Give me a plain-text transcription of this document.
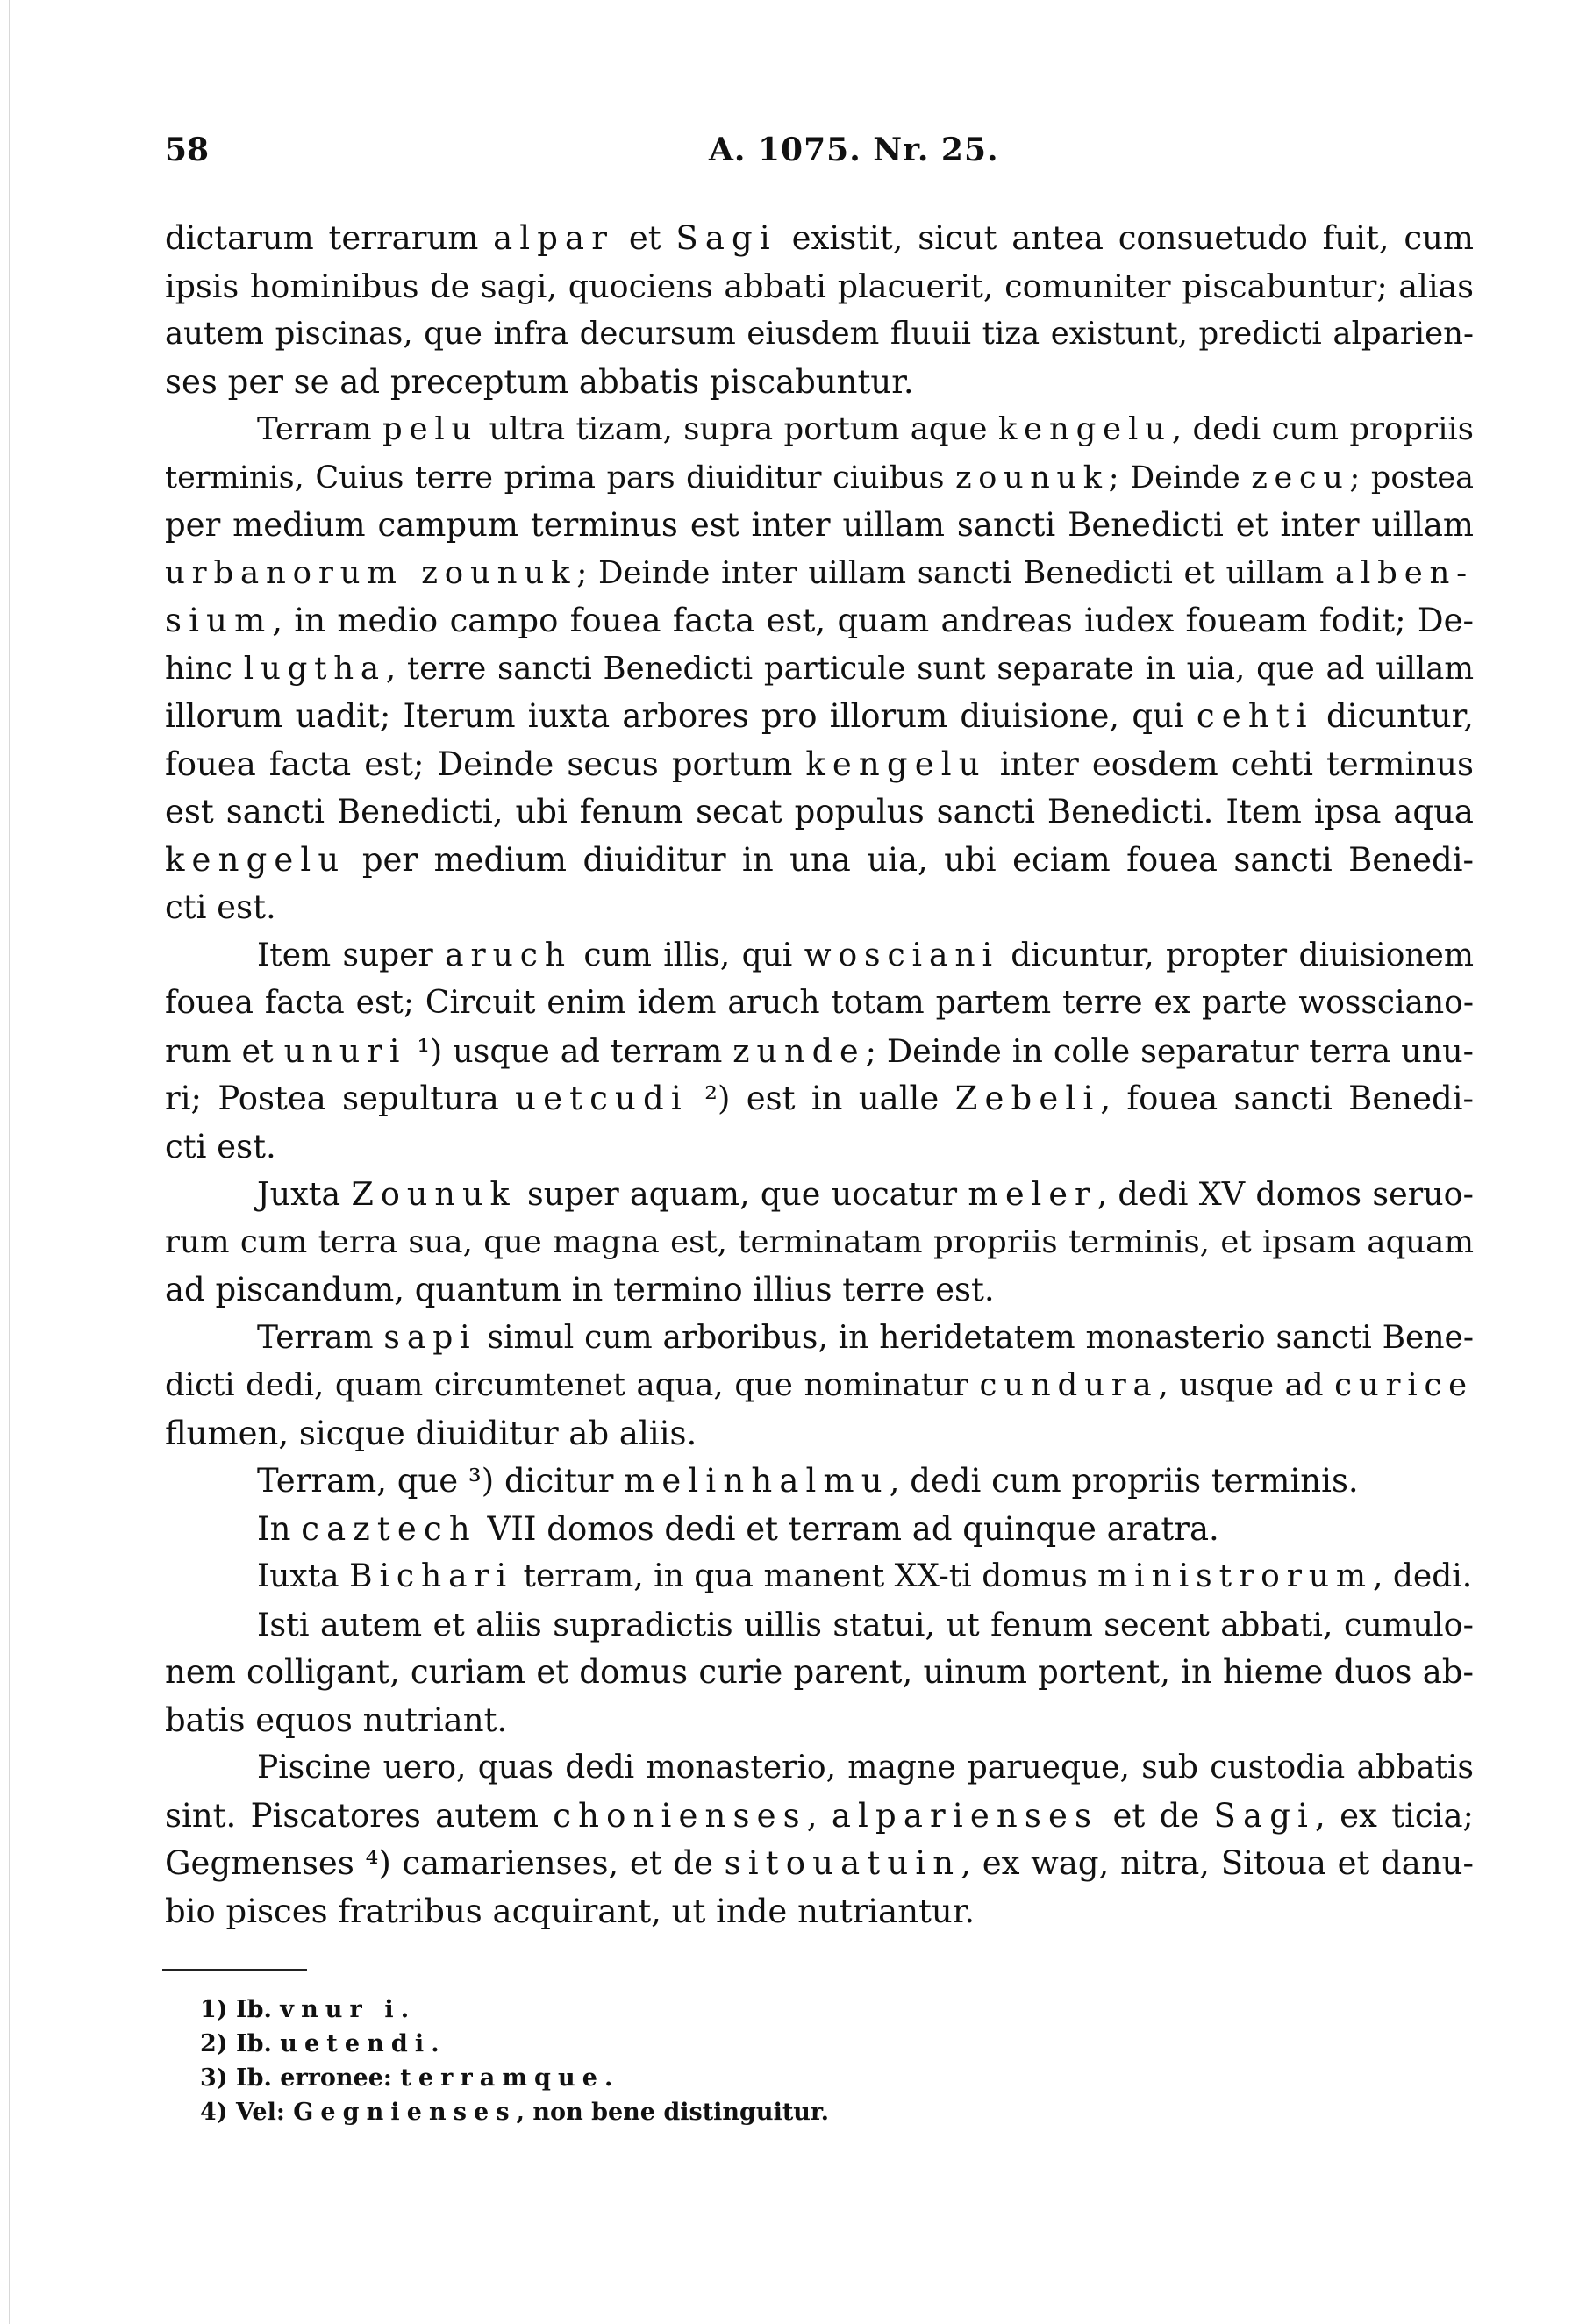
58	A. 1075. Nr. 25.
dictarum terrarum alpar et Sagi existit, sicut antea consuetudo fuit, cum
ipsis hominibus de sagi, quociens abbati placuerit, comuniter piscabuntur; alias
autem piscinas, que infra decursum eiusdem fluuii tiza existunt, predicti alparien-
ses per se ad preceptum abbatis piscabuntur.
Terram pelu ultra tizam, supra portum aque kengelu, dedi cum propriis
terminis, Cuius terre prima pars diuiditur ciuibus zounuk; Deinde zecu; postea
per medium campum terminus est inter uillam sancti Benedicti et inter uillam
urbanorum zounuk; Deinde inter uillam sancti Benedicti et uillam alben-
sium, in medio campo fouea facta est, quam andreas iudex foueam fodit; De-
hinc lugtha, terre sancti Benedicti particule sunt separate in uia, que ad uillam
illorum uadit; Iterum iuxta arbores pro illorum diuisione, qui cehti dicuntur,
fouea facta est; Deinde secus portum kengelu inter eosdem cehti terminus
est sancti Benedicti, ubi fenum secat populus sancti Benedicti. Item ipsa aqua
kengelu per medium diuiditur in una uia, ubi eciam fouea sancti Benedi-
cti est.
Item super aruch cum illis, qui wosciani dicuntur, propter diuisionem
fouea facta est; Circuit enim idem aruch totam partem terre ex parte wossciano-
rum et unuri ¹) usque ad terram zunde; Deinde in colle separatur terra unu-
ri; Postea sepultura uetcudi ²) est in ualle Zebeli, fouea sancti Benedi-
cti est.
Juxta Zounuk super aquam, que uocatur meler, dedi XV domos seruo-
rum cum terra sua, que magna est, terminatam propriis terminis, et ipsam aquam
ad piscandum, quantum in termino illius terre est.
Terram sapi simul cum arboribus, in heridetatem monasterio sancti Bene-
dicti dedi, quam circumtenet aqua, que nominatur cundura, usque ad curice
flumen, sicque diuiditur ab aliis.
Terram, que ³) dicitur melinhalmu, dedi cum propriis terminis.
In caztech VII domos dedi et terram ad quinque aratra.
Iuxta Bichari terram, in qua manent XX-ti domus ministrorum, dedi.
Isti autem et aliis supradictis uillis statui, ut fenum secent abbati, cumulo-
nem colligant, curiam et domus curie parent, uinum portent, in hieme duos ab-
batis equos nutriant.
Piscine uero, quas dedi monasterio, magne parueque, sub custodia abbatis
sint. Piscatores autem chonienses, alparienses et de Sagi, ex ticia;
Gegmenses ⁴) camarienses, et de sitouatuin, ex wag, nitra, Sitoua et danu-
bio pisces fratribus acquirant, ut inde nutriantur.
1) Ib. vnur i.
2) Ib. uetendi.
3) Ib. erronee: terramque.
4) Vel: Gegnienses, non bene distinguitur.
